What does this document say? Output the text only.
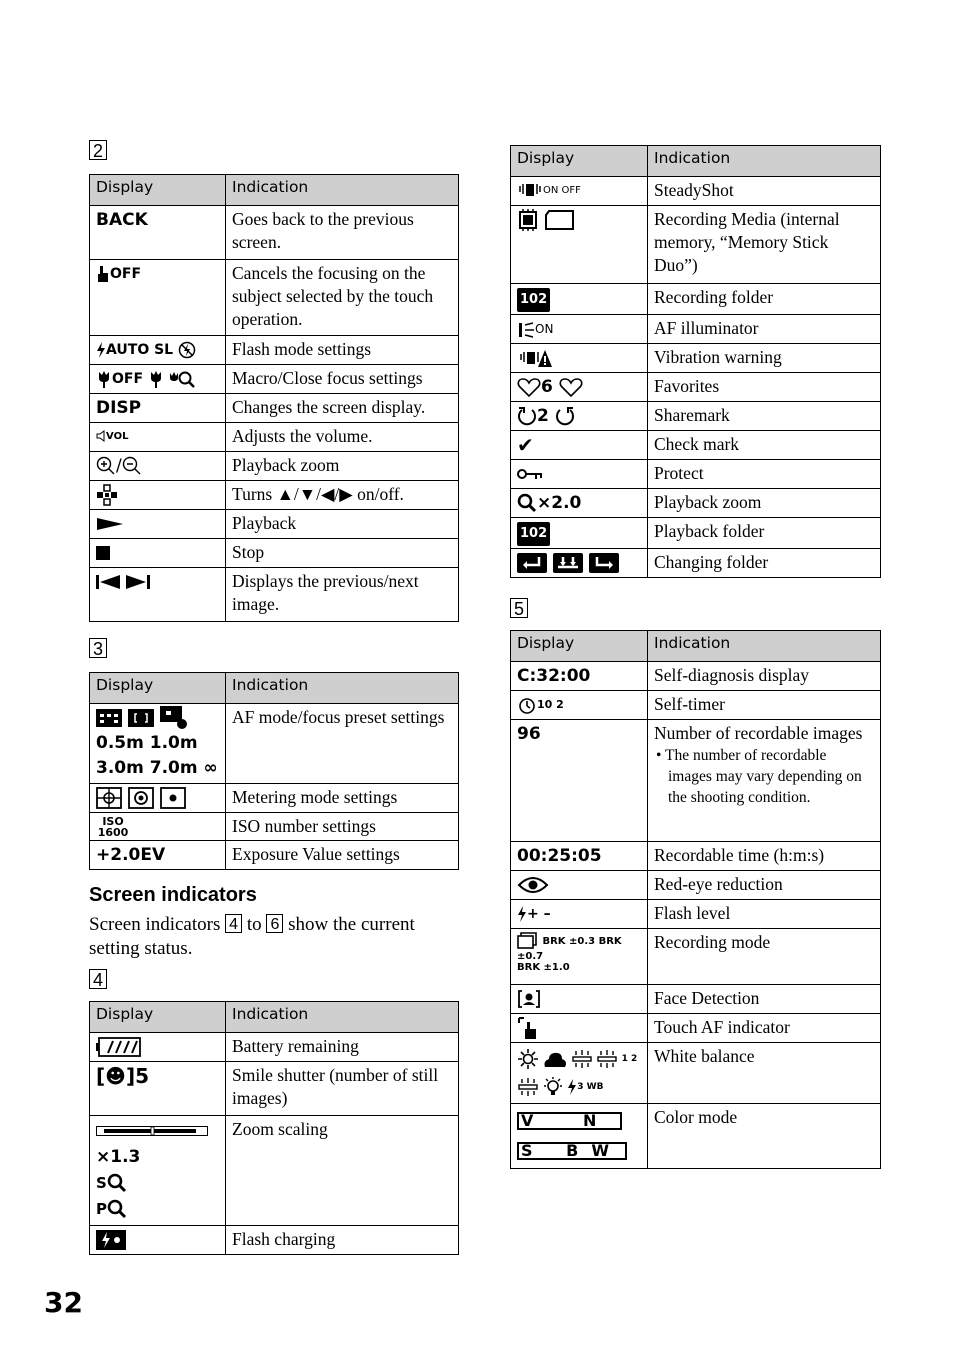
2
Display	Indication
BACK	Goes back to the previous screen.
OFF	Cancels the focusing on the subject selected by the touch operation.
AUTO SL	Flash mode settings
OFF	Macro/Close focus settings
DISP	Changes the screen display.
VOL	Adjusts the volume.
/	Playback zoom
	Turns ▲/▼/◀/▶ on/off.
	Playback
	Stop
	Displays the previous/next image.
3
Display	Indication

0.5m 1.0m
3.0m 7.0m ∞	AF mode/focus preset settings
	Metering mode settings
ISO 1600	ISO number settings
+2.0EV	Exposure Value settings
Screen indicators
Screen indicators 4 to 6 show the current setting status.
4
Display	Indication
	Battery remaining
[☻]5	Smile shutter (number of still images)

×1.3
S
P	Zoom scaling
	Flash charging
Display	Indication
ON OFF	SteadyShot
	Recording Media (internal memory, “Memory Stick Duo”)
102	Recording folder
ON	AF illuminator
	Vibration warning
6	Favorites
2	Sharemark
✔	Check mark
	Protect
×2.0	Playback zoom
102	Playback folder
	Changing folder
5
Display	Indication
C:32:00	Self-diagnosis display
10 2	Self-timer
96	Number of recordable images
• The number of recordable images may vary depending on the shooting condition.

00:25:05	Recordable time (h:m:s)
	Red-eye reduction
+ –	Flash level
BRK ±0.3 BRK ±0.7
BRK ±1.0	Recording mode
	Face Detection
	Touch AF indicator
1 2
3 WB	White balance
V N
S BW	Color mode
32
